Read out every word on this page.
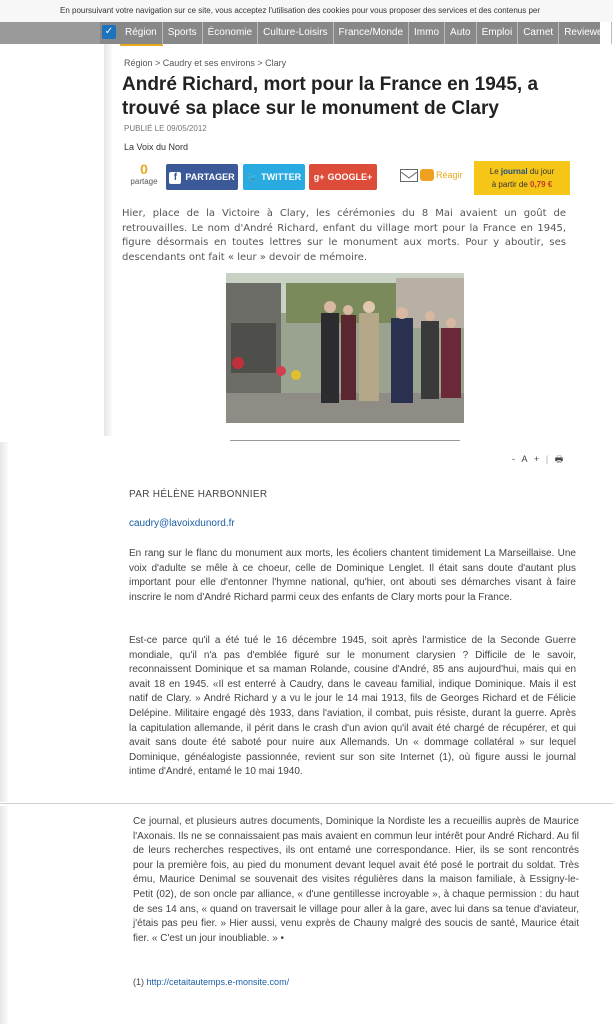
En poursuivant votre navigation sur ce site, vous acceptez l'utilisation des cookies pour vous proposer des services et des contenus per
✓	Région	Sports	Économie	Culture-Loisirs	France/Monde	Immo	Auto	Emploi	Carnet	Reviewer
Région > Caudry et ses environs > Clary
André Richard, mort pour la France en 1945, a trouvé sa place sur le monument de Clary
PUBLIÉ LE 09/05/2012
La Voix du Nord
0
partage	f PARTAGER	🐦 TWITTER	g+ GOOGLE+	Réagir	Le journal du jour
à partir de 0,79 €
Hier, place de la Victoire à Clary, les cérémonies du 8 Mai avaient un goût de retrouvailles. Le nom d'André Richard, enfant du village mort pour la France en 1945, figure désormais en toutes lettres sur le monument aux morts. Pour y aboutir, ses descendants ont fait « leur » devoir de mémoire.
- A + | 🖶
PAR HÉLÈNE HARBONNIER
caudry@lavoixdunord.fr
En rang sur le flanc du monument aux morts, les écoliers chantent timidement La Marseillaise. Une voix d'adulte se mêle à ce choeur, celle de Dominique Lenglet. Il était sans doute d'autant plus important pour elle d'entonner l'hymne national, qu'hier, ont abouti ses démarches visant à faire inscrire le nom d'André Richard parmi ceux des enfants de Clary morts pour la France.
Est-ce parce qu'il a été tué le 16 décembre 1945, soit après l'armistice de la Seconde Guerre mondiale, qu'il n'a pas d'emblée figuré sur le monument clarysien ? Difficile de le savoir, reconnaissent Dominique et sa maman Rolande, cousine d'André, 85 ans aujourd'hui, mais qui en avait 18 en 1945. «Il est enterré à Caudry, dans le caveau familial, indique Dominique. Mais il est natif de Clary. » André Richard y a vu le jour le 14 mai 1913, fils de Georges Richard et de Félicie Delépine. Militaire engagé dès 1933, dans l'aviation, il combat, puis résiste, durant la guerre. Après la capitulation allemande, il périt dans le crash d'un avion qu'il avait été chargé de récupérer, et qui avait sans doute été saboté pour nuire aux Allemands. Un « dommage collatéral » sur lequel Dominique, généalogiste passionnée, revient sur son site Internet (1), où figure aussi le journal intime d'André, entamé le 10 mai 1940.
Ce journal, et plusieurs autres documents, Dominique la Nordiste les a recueillis auprès de Maurice l'Axonais. Ils ne se connaissaient pas mais avaient en commun leur intérêt pour André Richard. Au fil de leurs recherches respectives, ils ont entamé une correspondance. Hier, ils se sont rencontrés pour la première fois, au pied du monument devant lequel avait été posé le portrait du soldat. Très ému, Maurice Denimal se souvenait des visites régulières dans la maison familiale, à Essigny-le-Petit (02), de son oncle par alliance, « d'une gentillesse incroyable », à chaque permission : du haut de ses 14 ans, « quand on traversait le village pour aller à la gare, avec lui dans sa tenue d'aviateur, j'étais pas peu fier. » Hier aussi, venu exprès de Chauny malgré des soucis de santé, Maurice était fier. « C'est un jour inoubliable. » •
(1) http://cetaitautemps.e-monsite.com/
